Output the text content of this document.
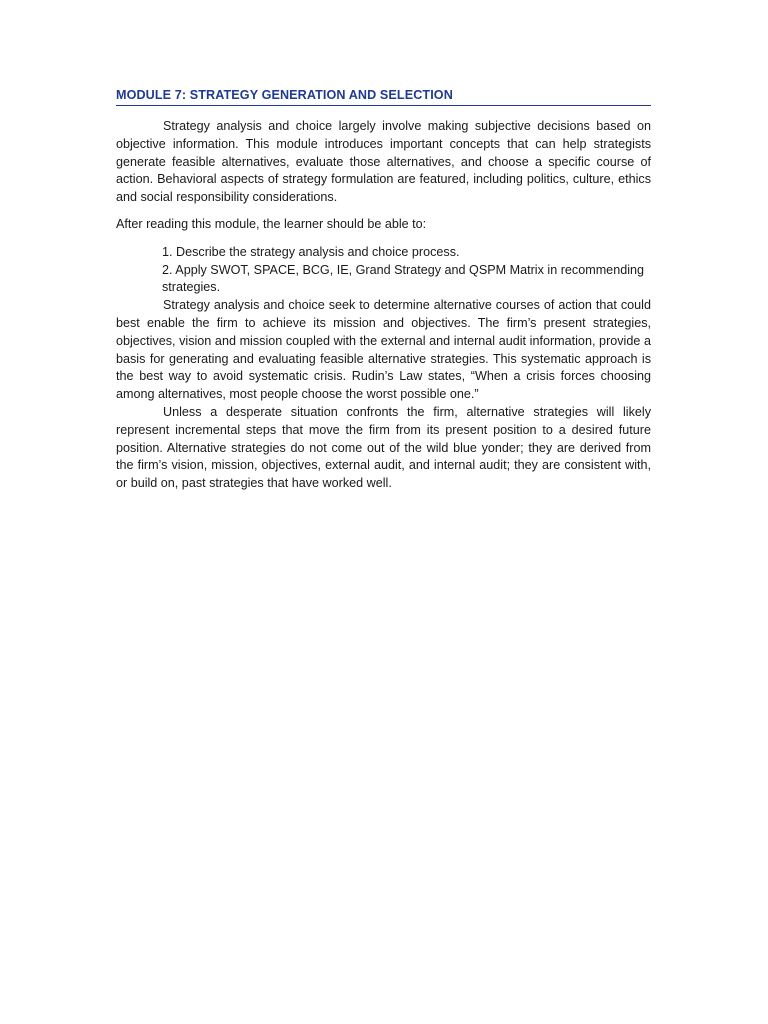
MODULE 7: STRATEGY GENERATION AND SELECTION

Strategy analysis and choice largely involve making subjective decisions based on objective information. This module introduces important concepts that can help strategists generate feasible alternatives, evaluate those alternatives, and choose a specific course of action. Behavioral aspects of strategy formulation are featured, including politics, culture, ethics and social responsibility considerations.

After reading this module, the learner should be able to:

1. Describe the strategy analysis and choice process.
2. Apply SWOT, SPACE, BCG, IE, Grand Strategy and QSPM Matrix in recommending strategies.

Strategy analysis and choice seek to determine alternative courses of action that could best enable the firm to achieve its mission and objectives. The firm’s present strategies, objectives, vision and mission coupled with the external and internal audit information, provide a basis for generating and evaluating feasible alternative strategies. This systematic approach is the best way to avoid systematic crisis. Rudin’s Law states, “When a crisis forces choosing among alternatives, most people choose the worst possible one.”

Unless a desperate situation confronts the firm, alternative strategies will likely represent incremental steps that move the firm from its present position to a desired future position. Alternative strategies do not come out of the wild blue yonder; they are derived from the firm’s vision, mission, objectives, external audit, and internal audit; they are consistent with, or build on, past strategies that have worked well.
